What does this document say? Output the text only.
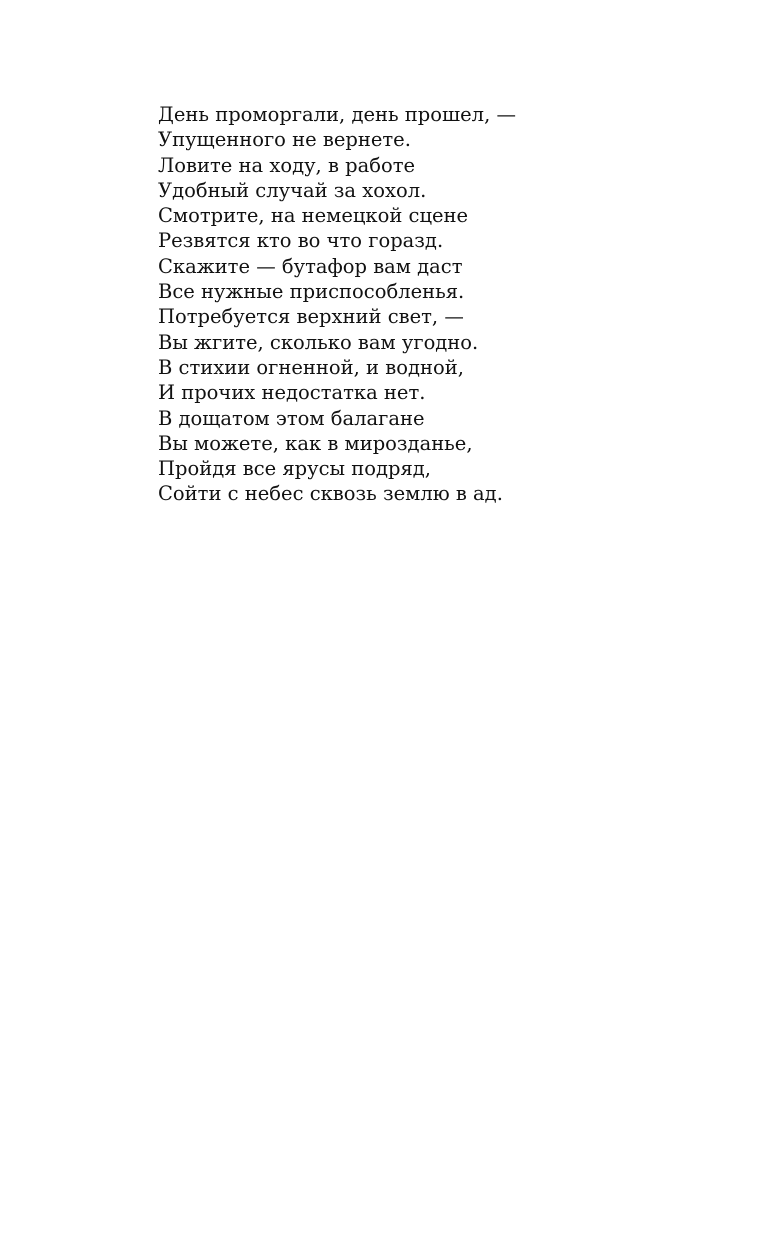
День проморгали, день прошел, —
Упущенного не вернете.
Ловите на ходу, в работе
Удобный случай за хохол.
Смотрите, на немецкой сцене
Резвятся кто во что горазд.
Скажите — бутафор вам даст
Все нужные приспособленья.
Потребуется верхний свет, —
Вы жгите, сколько вам угодно.
В стихии огненной, и водной,
И прочих недостатка нет.
В дощатом этом балагане
Вы можете, как в мирозданье,
Пройдя все ярусы подряд,
Сойти с небес сквозь землю в ад.
